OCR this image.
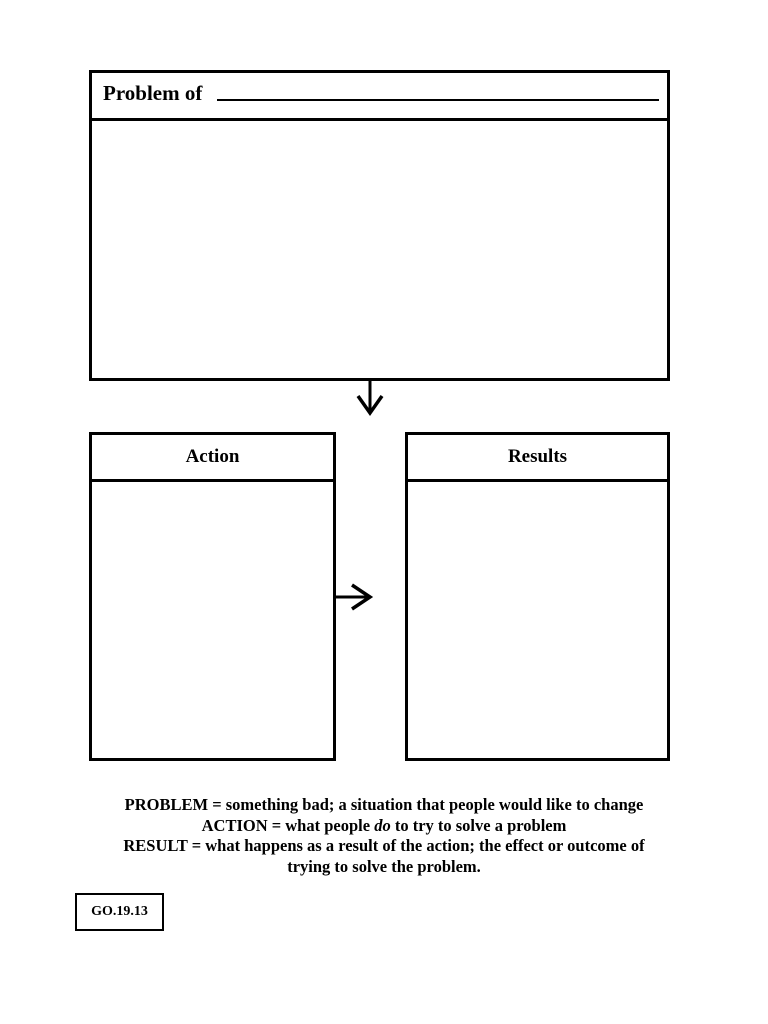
Problem of
Action	Results
PROBLEM = something bad; a situation that people would like to change
ACTION = what people do to try to solve a problem
RESULT = what happens as a result of the action; the effect or outcome of
trying to solve the problem.
GO.19.13
